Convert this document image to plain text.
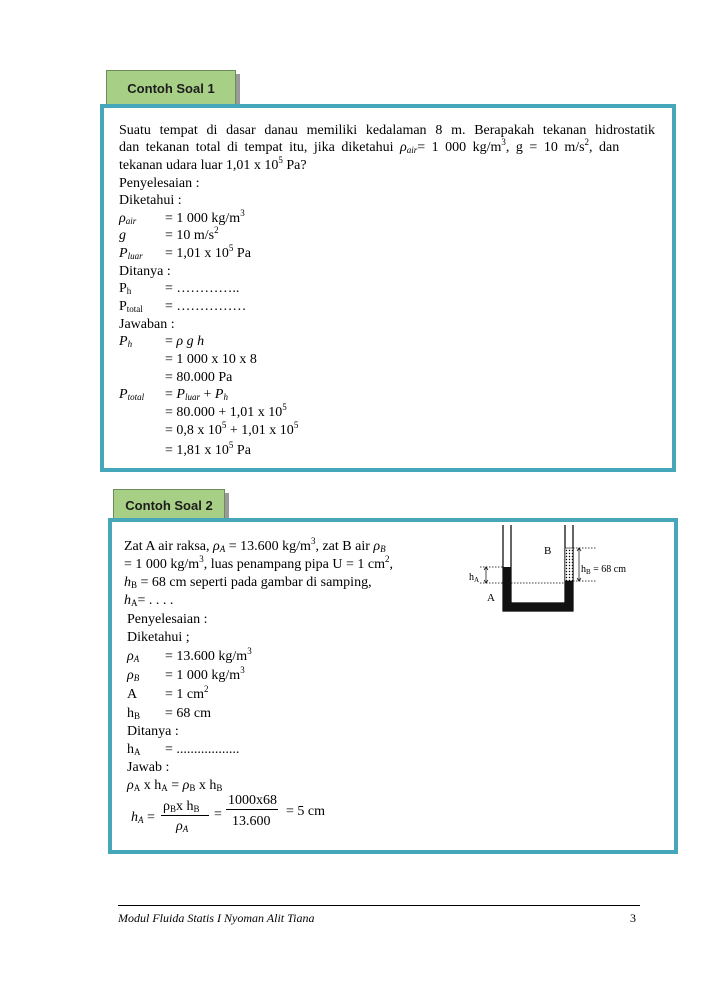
Contoh Soal 1
Suatu tempat di dasar danau memiliki kedalaman 8 m. Berapakah tekanan hidrostatik
dan tekanan total di tempat itu, jika diketahui $\rho_{air}= 1$ 000 $kg/m^3$, g = 10 $m/s^2$, dan
tekanan udara luar 1,01 x $10^5$ Pa?
Penyelesaian :
Diketahui :
$\rho_{air} = 1$ 000 $kg/m^3$
g	= 10 $m/s^2$
$P_{luar} = 1,01$ x $10^5$ Pa
Ditanya :
$P_h$ = …………..
$P_{total}$ = ……………
Jawaban :
$P_h = \rho$ g h
= 1 000 x 10 x 8
= 80.000 Pa
$P_{total} = P_{luar} + P_h$
= 80.000 + 1,01 x $10^5$
= 0,8 x $10^5 + 1,01$ x $10^5$
= 1,81 x $10^5$ Pa
Contoh Soal 2
Zat A air raksa, $\rho_A = 13.600$ $kg/m^3$, zat B air $\rho_B$
= 1 000 $kg/m^3$, luas penampang pipa U = 1 $cm^2$,
$h_B = 68$ cm seperti pada gambar di samping,
$h_A=$ . . . .
Penyelesaian :
Diketahui ;
$\rho_A = 13.600$ $kg/m^3$
$\rho_B = 1$ 000 $kg/m^3$
A = 1 $cm^2$
$h_B = 68$ cm
Ditanya :
$h_A$ = ..................
Jawab :
$\rho_A$ x $h_A = \rho_B$ x $h_B$
$h_A$ =
$\rho_Bx$ $h_B$
$\rho_A$
=
1000x68
13.600
= 5 cm
B
A
$h_A$
$h_B = 68$ cm
Modul Fluida Statis I Nyoman Alit Tiana	3
